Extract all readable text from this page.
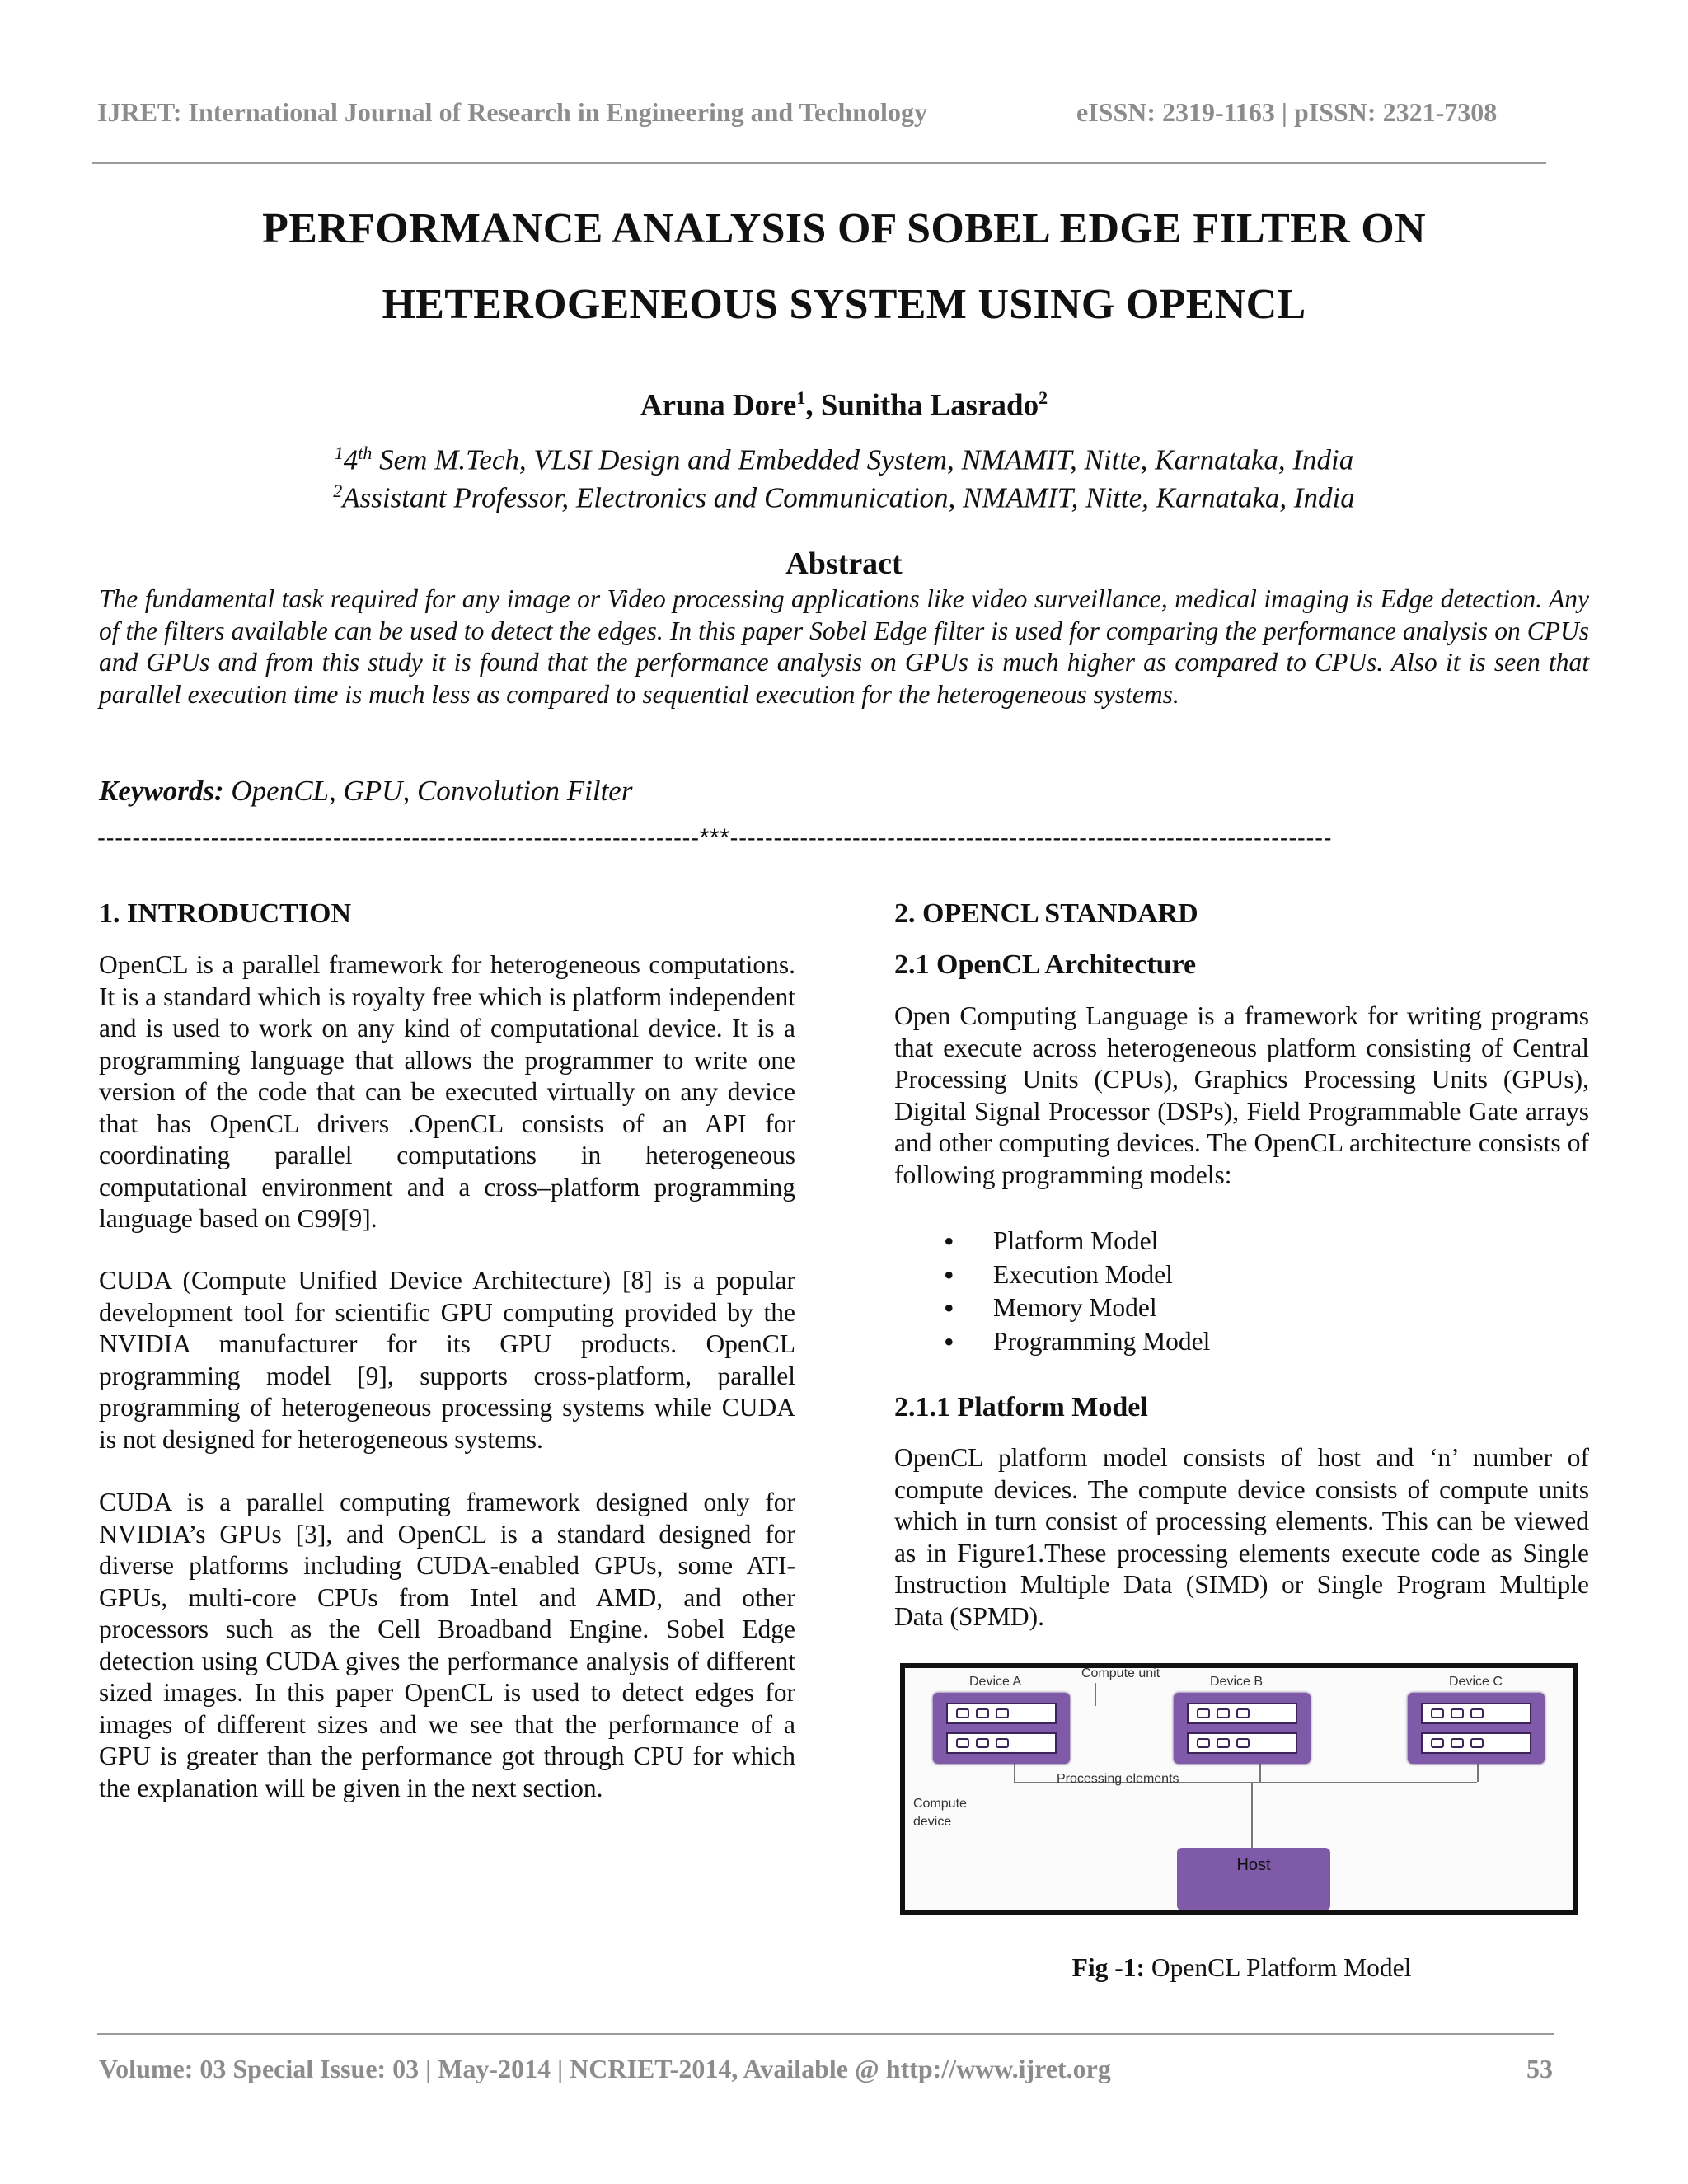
IJRET: International Journal of Research in Engineering and Technology	eISSN: 2319-1163 | pISSN: 2321-7308
PERFORMANCE ANALYSIS OF SOBEL EDGE FILTER ON
HETEROGENEOUS SYSTEM USING OPENCL
Aruna Dore$^1$, Sunitha Lasrado$^2$
$^1$4th Sem M.Tech, VLSI Design and Embedded System, NMAMIT, Nitte, Karnataka, India
$^2$Assistant Professor, Electronics and Communication, NMAMIT, Nitte, Karnataka, India
Abstract
The fundamental task required for any image or Video processing applications like video surveillance, medical imaging is Edge detection. Any of the filters available can be used to detect the edges. In this paper Sobel Edge filter is used for comparing the performance analysis on CPUs and GPUs and from this study it is found that the performance analysis on GPUs is much higher as compared to CPUs. Also it is seen that parallel execution time is much less as compared to sequential execution for the heterogeneous systems.
Keywords: OpenCL, GPU, Convolution Filter
---------------------------------------------------------------------***---------------------------------------------------------------------
1. INTRODUCTION
OpenCL is a parallel framework for heterogeneous computations. It is a standard which is royalty free which is platform independent and is used to work on any kind of computational device. It is a programming language that allows the programmer to write one version of the code that can be executed virtually on any device that has OpenCL drivers .OpenCL consists of an API for coordinating parallel computations in heterogeneous computational environment and a cross–platform programming language based on C99[9].
CUDA (Compute Unified Device Architecture) [8] is a popular development tool for scientific GPU computing provided by the NVIDIA manufacturer for its GPU products. OpenCL programming model [9], supports cross-platform, parallel programming of heterogeneous processing systems while CUDA is not designed for heterogeneous systems.
CUDA is a parallel computing framework designed only for NVIDIA’s GPUs [3], and OpenCL is a standard designed for diverse platforms including CUDA-enabled GPUs, some ATI-GPUs, multi-core CPUs from Intel and AMD, and other processors such as the Cell Broadband Engine. Sobel Edge detection using CUDA gives the performance analysis of different sized images. In this paper OpenCL is used to detect edges for images of different sizes and we see that the performance of a GPU is greater than the performance got through CPU for which the explanation will be given in the next section.
2. OPENCL STANDARD
2.1 OpenCL Architecture
Open Computing Language is a framework for writing programs that execute across heterogeneous platform consisting of Central Processing Units (CPUs), Graphics Processing Units (GPUs), Digital Signal Processor (DSPs), Field Programmable Gate arrays and other computing devices. The OpenCL architecture consists of following programming models:
• Platform Model
• Execution Model
• Memory Model
• Programming Model
2.1.1 Platform Model
OpenCL platform model consists of host and ‘n’ number of compute devices. The compute device consists of compute units which in turn consist of processing elements. This can be viewed as in Figure1.These processing elements execute code as Single Instruction Multiple Data (SIMD) or Single Program Multiple Data (SPMD).
Device A
Compute unit
Device B	Device C
Processing elements
Compute
device
Host
Fig -1: OpenCL Platform Model
Volume: 03 Special Issue: 03 | May-2014 | NCRIET-2014, Available @ http://www.ijret.org	53
